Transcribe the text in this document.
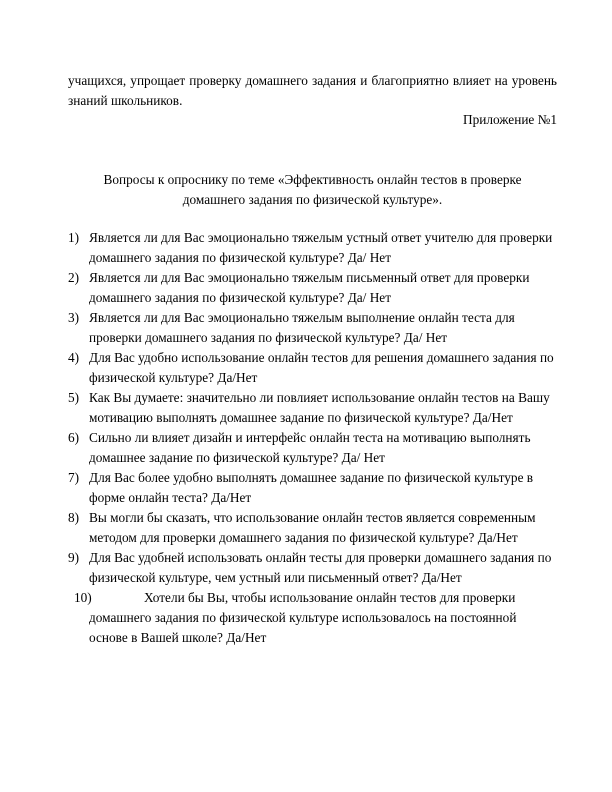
учащихся, упрощает проверку домашнего задания и благоприятно влияет на уровень знаний школьников.
Приложение №1
Вопросы к опроснику по теме «Эффективность онлайн тестов в проверке
домашнего задания по физической культуре».
1) Является ли для Вас эмоционально тяжелым устный ответ учителю для проверки домашнего задания по физической культуре? Да/ Нет
2) Является ли для Вас эмоционально тяжелым письменный ответ для проверки домашнего задания по физической культуре? Да/ Нет
3) Является ли для Вас эмоционально тяжелым выполнение онлайн теста для проверки домашнего задания по физической культуре? Да/ Нет
4) Для Вас удобно использование онлайн тестов для решения домашнего задания по физической культуре? Да/Нет
5) Как Вы думаете: значительно ли повлияет использование онлайн тестов на Вашу мотивацию выполнять домашнее задание по физической культуре? Да/Нет
6) Сильно ли влияет дизайн и интерфейс онлайн теста на мотивацию выполнять домашнее задание по физической культуре? Да/ Нет
7) Для Вас более удобно выполнять домашнее задание по физической культуре в форме онлайн теста? Да/Нет
8) Вы могли бы сказать, что использование онлайн тестов является современным методом для проверки домашнего задания по физической культуре? Да/Нет
9) Для Вас удобней использовать онлайн тесты для проверки домашнего задания по физической культуре, чем устный или письменный ответ? Да/Нет
10)	Хотели бы Вы, чтобы использование онлайн тестов для проверки домашнего задания по физической культуре использовалось на постоянной основе в Вашей школе? Да/Нет
